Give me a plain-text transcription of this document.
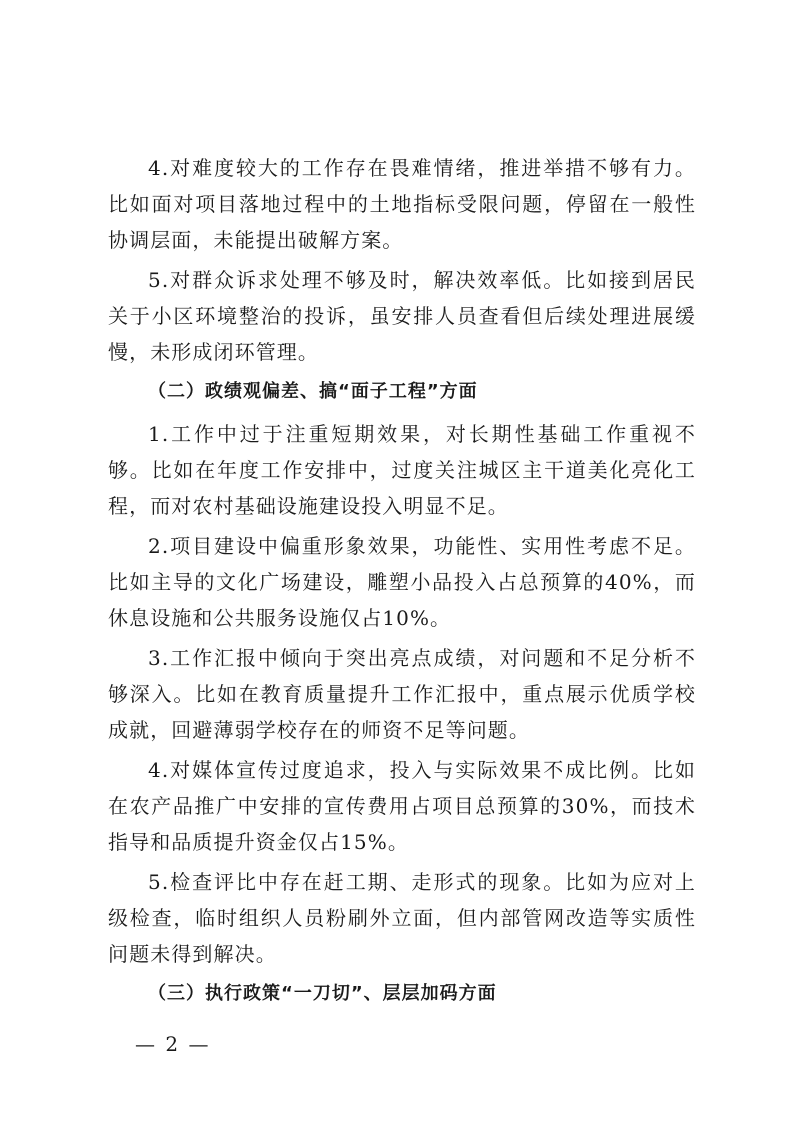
4.对难度较大的工作存在畏难情绪，推进举措不够有力。比如面对项目落地过程中的土地指标受限问题，停留在一般性协调层面，未能提出破解方案。

5.对群众诉求处理不够及时，解决效率低。比如接到居民关于小区环境整治的投诉，虽安排人员查看但后续处理进展缓慢，未形成闭环管理。

（二）政绩观偏差、搞“面子工程”方面

1.工作中过于注重短期效果，对长期性基础工作重视不够。比如在年度工作安排中，过度关注城区主干道美化亮化工程，而对农村基础设施建设投入明显不足。

2.项目建设中偏重形象效果，功能性、实用性考虑不足。比如主导的文化广场建设，雕塑小品投入占总预算的40%，而休息设施和公共服务设施仅占10%。

3.工作汇报中倾向于突出亮点成绩，对问题和不足分析不够深入。比如在教育质量提升工作汇报中，重点展示优质学校成就，回避薄弱学校存在的师资不足等问题。

4.对媒体宣传过度追求，投入与实际效果不成比例。比如在农产品推广中安排的宣传费用占项目总预算的30%，而技术指导和品质提升资金仅占15%。

5.检查评比中存在赶工期、走形式的现象。比如为应对上级检查，临时组织人员粉刷外立面，但内部管网改造等实质性问题未得到解决。

（三）执行政策“一刀切”、层层加码方面

— 2 —
